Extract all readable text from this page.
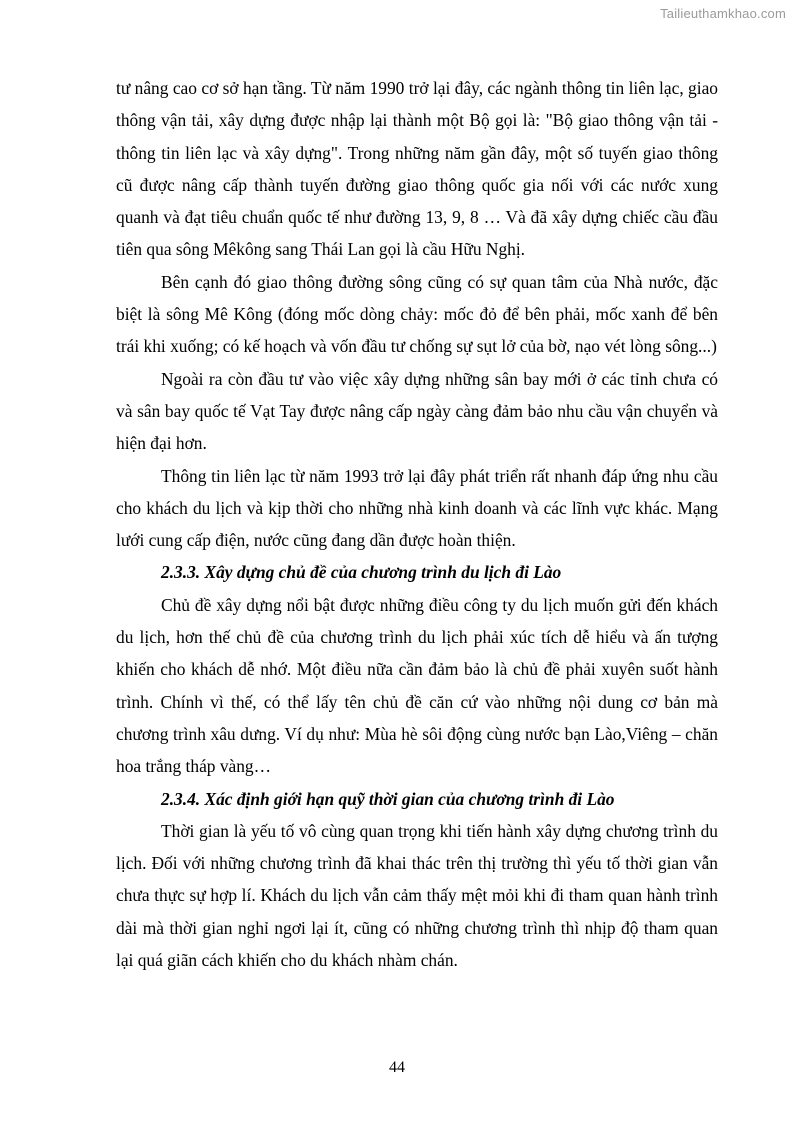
Tailieuthamkhao.com

tư nâng cao cơ sở hạn tầng. Từ năm 1990 trở lại đây, các ngành thông tin liên lạc, giao thông vận tải, xây dựng được nhập lại thành một Bộ gọi là: "Bộ giao thông vận tải - thông tin liên lạc và xây dựng". Trong những năm gần đây, một số tuyến giao thông cũ được nâng cấp thành tuyến đường giao thông quốc gia nối với các nước xung quanh và đạt tiêu chuẩn quốc tế như đường 13, 9, 8 … Và đã xây dựng chiếc cầu đầu tiên qua sông Mêkông sang Thái Lan gọi là cầu Hữu Nghị.

Bên cạnh đó giao thông đường sông cũng có sự quan tâm của Nhà nước, đặc biệt là sông Mê Kông (đóng mốc dòng chảy: mốc đỏ để bên phải, mốc xanh để bên trái khi xuống; có kế hoạch và vốn đầu tư chống sự sụt lở của bờ, nạo vét lòng sông...)

Ngoài ra còn đầu tư vào việc xây dựng những sân bay mới ở các tỉnh chưa có và sân bay quốc tế Vạt Tay được nâng cấp ngày càng đảm bảo nhu cầu vận chuyển và hiện đại hơn.

Thông tin liên lạc từ năm 1993 trở lại đây phát triển rất nhanh đáp ứng nhu cầu cho khách du lịch và kịp thời cho những nhà kinh doanh và các lĩnh vực khác. Mạng lưới cung cấp điện, nước cũng đang dần được hoàn thiện.

2.3.3. Xây dựng chủ đề của chương trình du lịch đi Lào

Chủ đề xây dựng nổi bật được những điều công ty du lịch muốn gửi đến khách du lịch, hơn thế chủ đề của chương trình du lịch phải xúc tích dễ hiểu và ấn tượng khiến cho khách dễ nhớ. Một điều nữa cần đảm bảo là chủ đề phải xuyên suốt hành trình. Chính vì thế, có thể lấy tên chủ đề căn cứ vào những nội dung cơ bản mà chương trình xâu dưng. Ví dụ như: Mùa hè sôi động cùng nước bạn Lào,Viêng – chăn hoa trắng tháp vàng…

2.3.4. Xác định giới hạn quỹ thời gian của chương trình đi Lào

Thời gian là yếu tố vô cùng quan trọng khi tiến hành xây dựng chương trình du lịch. Đối với những chương trình đã khai thác trên thị trường thì yếu tố thời gian vẫn chưa thực sự hợp lí. Khách du lịch vẫn cảm thấy mệt mỏi khi đi tham quan hành trình dài mà thời gian nghỉ ngơi lại ít, cũng có những chương trình thì nhịp độ tham quan lại quá giãn cách khiến cho du khách nhàm chán.

44
